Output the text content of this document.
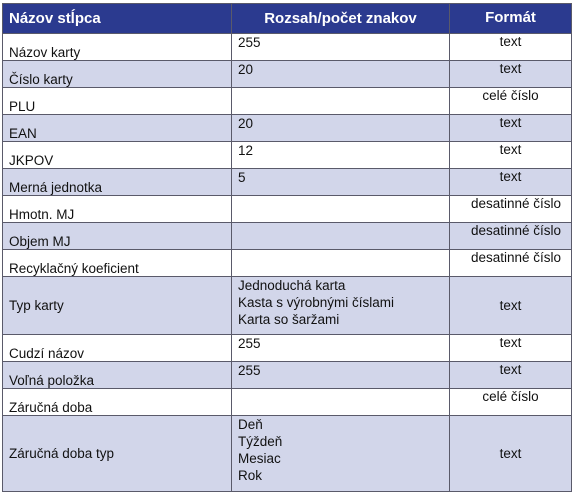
Názov stĺpca	Rozsah/počet znakov	Formát
Názov karty	255	text
Číslo karty	20	text
PLU		celé číslo
EAN	20	text
JKPOV	12	text
Merná jednotka	5	text
Hmotn. MJ		desatinné číslo
Objem MJ		desatinné číslo
Recyklačný koeficient		desatinné číslo
Typ karty	Jednoduchá karta
Kasta s výrobnými číslami
Karta so šaržami	text
Cudzí názov	255	text
Voľná položka	255	text
Záručná doba		celé číslo
Záručná doba typ	Deň
Týždeň
Mesiac
Rok	text
